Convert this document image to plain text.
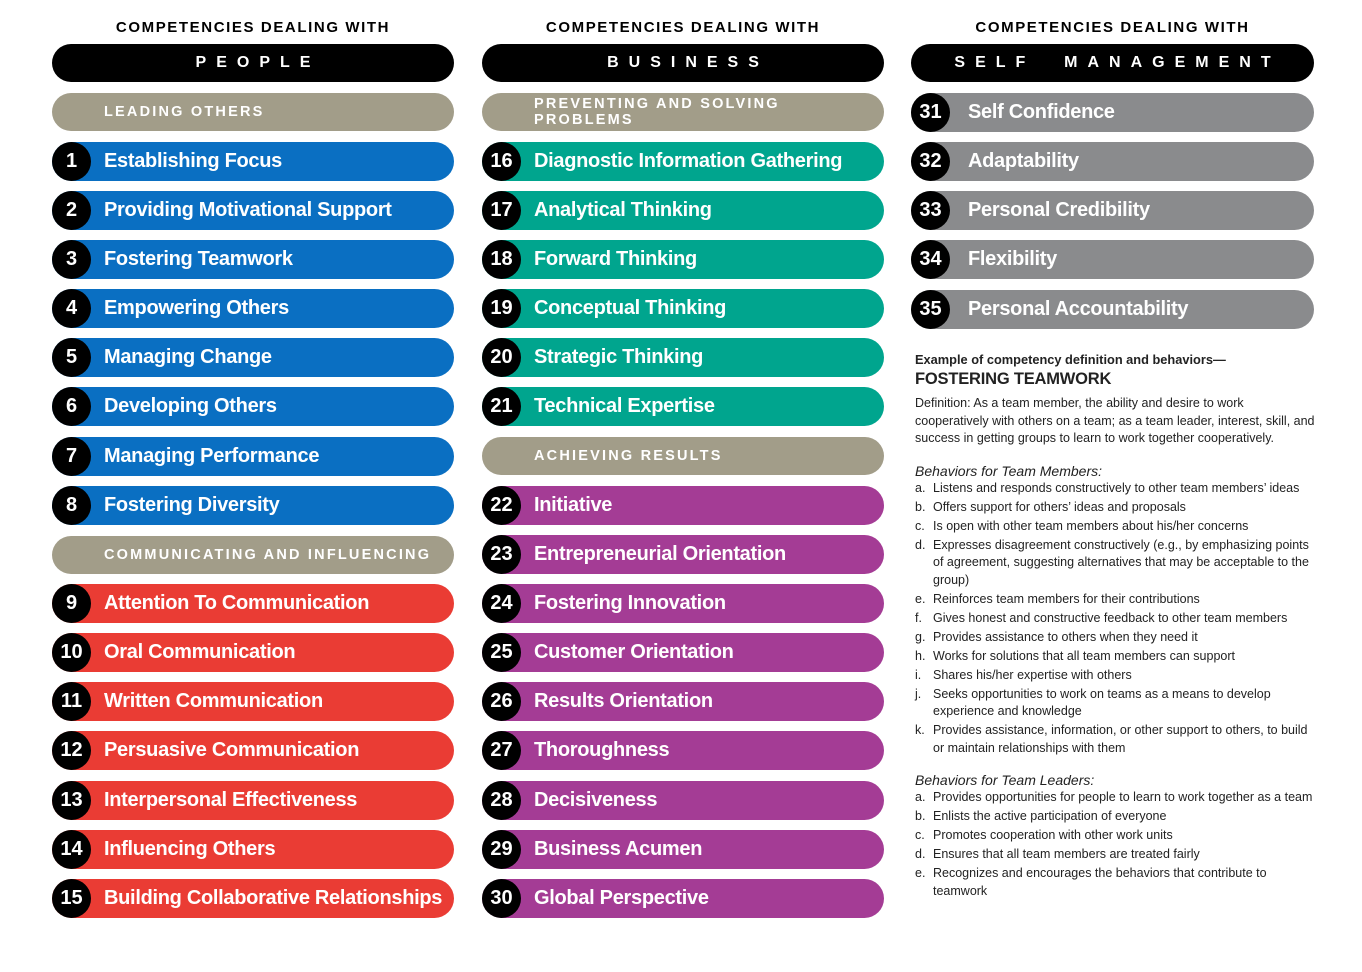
COMPETENCIES DEALING WITH
PEOPLE
LEADING OTHERS
1	Establishing Focus
2	Providing Motivational Support
3	Fostering Teamwork
4	Empowering Others
5	Managing Change
6	Developing Others
7	Managing Performance
8	Fostering Diversity
COMMUNICATING AND INFLUENCING
9	Attention To Communication
10	Oral Communication
11	Written Communication
12	Persuasive Communication
13	Interpersonal Effectiveness
14	Influencing Others
15	Building Collaborative Relationships
COMPETENCIES DEALING WITH
BUSINESS
PREVENTING AND SOLVING PROBLEMS
16	Diagnostic Information Gathering
17	Analytical Thinking
18	Forward Thinking
19	Conceptual Thinking
20	Strategic Thinking
21	Technical Expertise
ACHIEVING RESULTS
22	Initiative
23	Entrepreneurial Orientation
24	Fostering Innovation
25	Customer Orientation
26	Results Orientation
27	Thoroughness
28	Decisiveness
29	Business Acumen
30	Global Perspective
COMPETENCIES DEALING WITH
SELF  MANAGEMENT
31	Self Confidence
32	Adaptability
33	Personal Credibility
34	Flexibility
35	Personal Accountability

Example of competency definition and behaviors—

FOSTERING TEAMWORK

Definition: As a team member, the ability and desire to work cooperatively with others on a team; as a team leader, interest, skill, and success in getting groups to learn to work together cooperatively.

Behaviors for Team Members:

a. Listens and responds constructively to other team members’ ideas
b. Offers support for others’ ideas and proposals
c. Is open with other team members about his/her concerns
d. Expresses disagreement constructively (e.g., by emphasizing points of agreement, suggesting alternatives that may be acceptable to the group)
e. Reinforces team members for their contributions
f. Gives honest and constructive feedback to other team members
g. Provides assistance to others when they need it
h. Works for solutions that all team members can support
i. Shares his/her expertise with others
j. Seeks opportunities to work on teams as a means to develop experience and knowledge
k. Provides assistance, information, or other support to others, to build or maintain relationships with them

Behaviors for Team Leaders:

a. Provides opportunities for people to learn to work together as a team
b. Enlists the active participation of everyone
c. Promotes cooperation with other work units
d. Ensures that all team members are treated fairly
e. Recognizes and encourages the behaviors that contribute to teamwork
